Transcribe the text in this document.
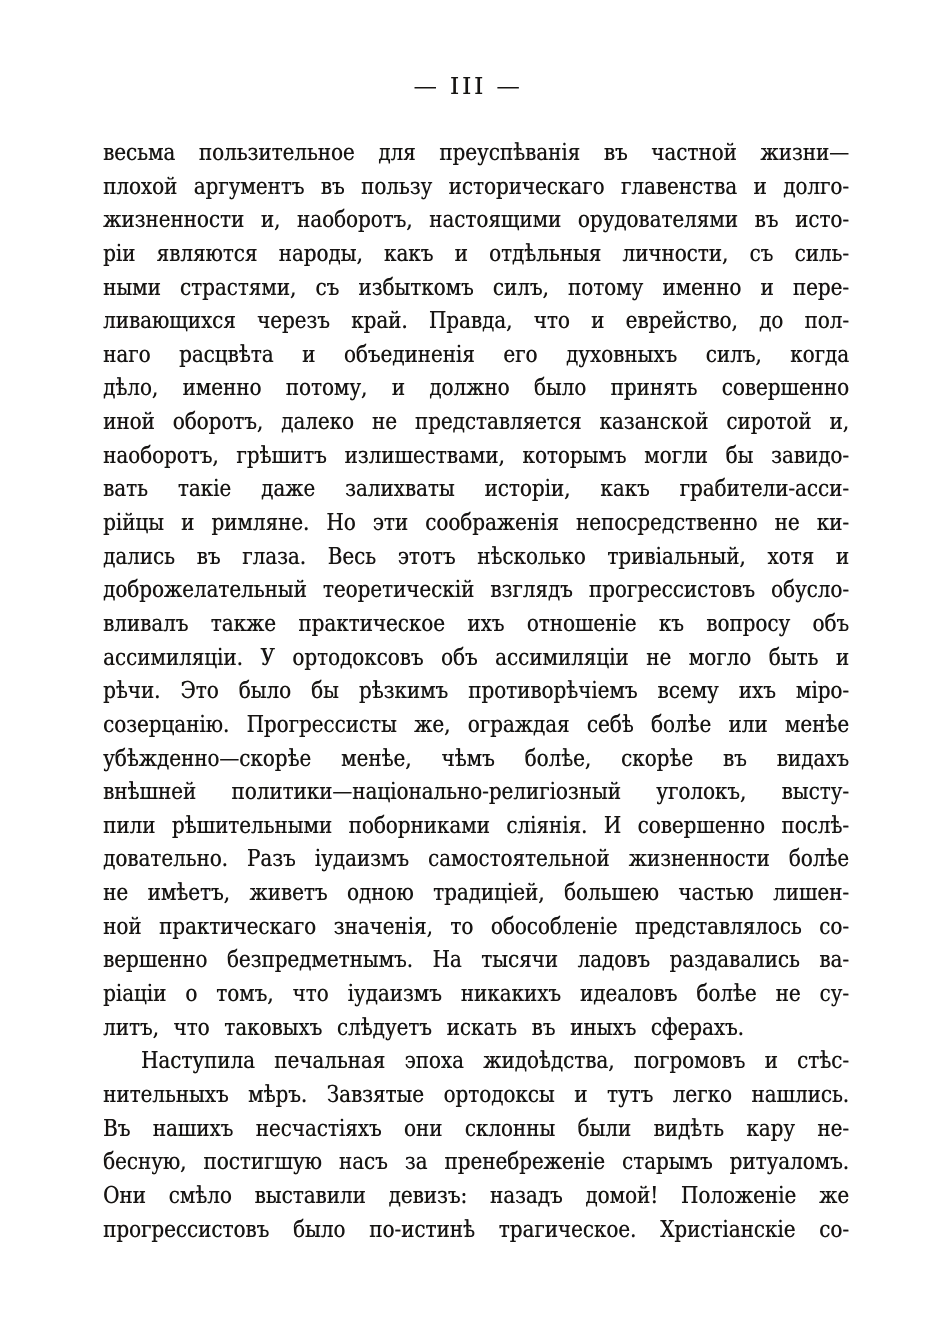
— III —
весьма пользительное для преуспѣванія въ частной жизни—
плохой аргументъ въ пользу историческаго главенства и долго-
жизненности и, наоборотъ, настоящими орудователями въ исто-
ріи являются народы, какъ и отдѣльныя личности, съ силь-
ными страстями, съ избыткомъ силъ, потому именно и пере-
ливающихся черезъ край. Правда, что и еврейство, до пол-
наго расцвѣта и объединенія его духовныхъ силъ, когда
дѣло, именно потому, и должно было принять совершенно
иной оборотъ, далеко не представляется казанской сиротой и,
наоборотъ, грѣшитъ излишествами, которымъ могли бы завидо-
вать такіе даже залихваты исторіи, какъ грабители-асси-
рійцы и римляне. Но эти соображенія непосредственно не ки-
дались въ глаза. Весь этотъ нѣсколько тривіальный, хотя и
доброжелательный теоретическій взглядъ прогрессистовъ обусло-
вливалъ также практическое ихъ отношеніе къ вопросу объ
ассимиляціи. У ортодоксовъ объ ассимиляціи не могло быть и
рѣчи. Это было бы рѣзкимъ противорѣчіемъ всему ихъ міро-
созерцанію. Прогрессисты же, ограждая себѣ болѣе или менѣе
убѣжденно—скорѣе менѣе, чѣмъ болѣе, скорѣе въ видахъ
внѣшней политики—національно-религіозный уголокъ, высту-
пили рѣшительными поборниками сліянія. И совершенно послѣ-
довательно. Разъ іудаизмъ самостоятельной жизненности болѣе
не имѣетъ, живетъ одною традиціей, большею частью лишен-
ной практическаго значенія, то обособленіе представлялось со-
вершенно безпредметнымъ. На тысячи ладовъ раздавались ва-
ріаціи о томъ, что іудаизмъ никакихъ идеаловъ болѣе не су-
литъ, что таковыхъ слѣдуетъ искать въ иныхъ сферахъ.
Наступила печальная эпоха жидоѣдства, погромовъ и стѣс-
нительныхъ мѣръ. Завзятые ортодоксы и тутъ легко нашлись.
Въ нашихъ несчастіяхъ они склонны были видѣть кару не-
бесную, постигшую насъ за пренебреженіе старымъ ритуаломъ.
Они смѣло выставили девизъ: назадъ домой! Положеніе же
прогрессистовъ было по-истинѣ трагическое. Христіанскіе со-
